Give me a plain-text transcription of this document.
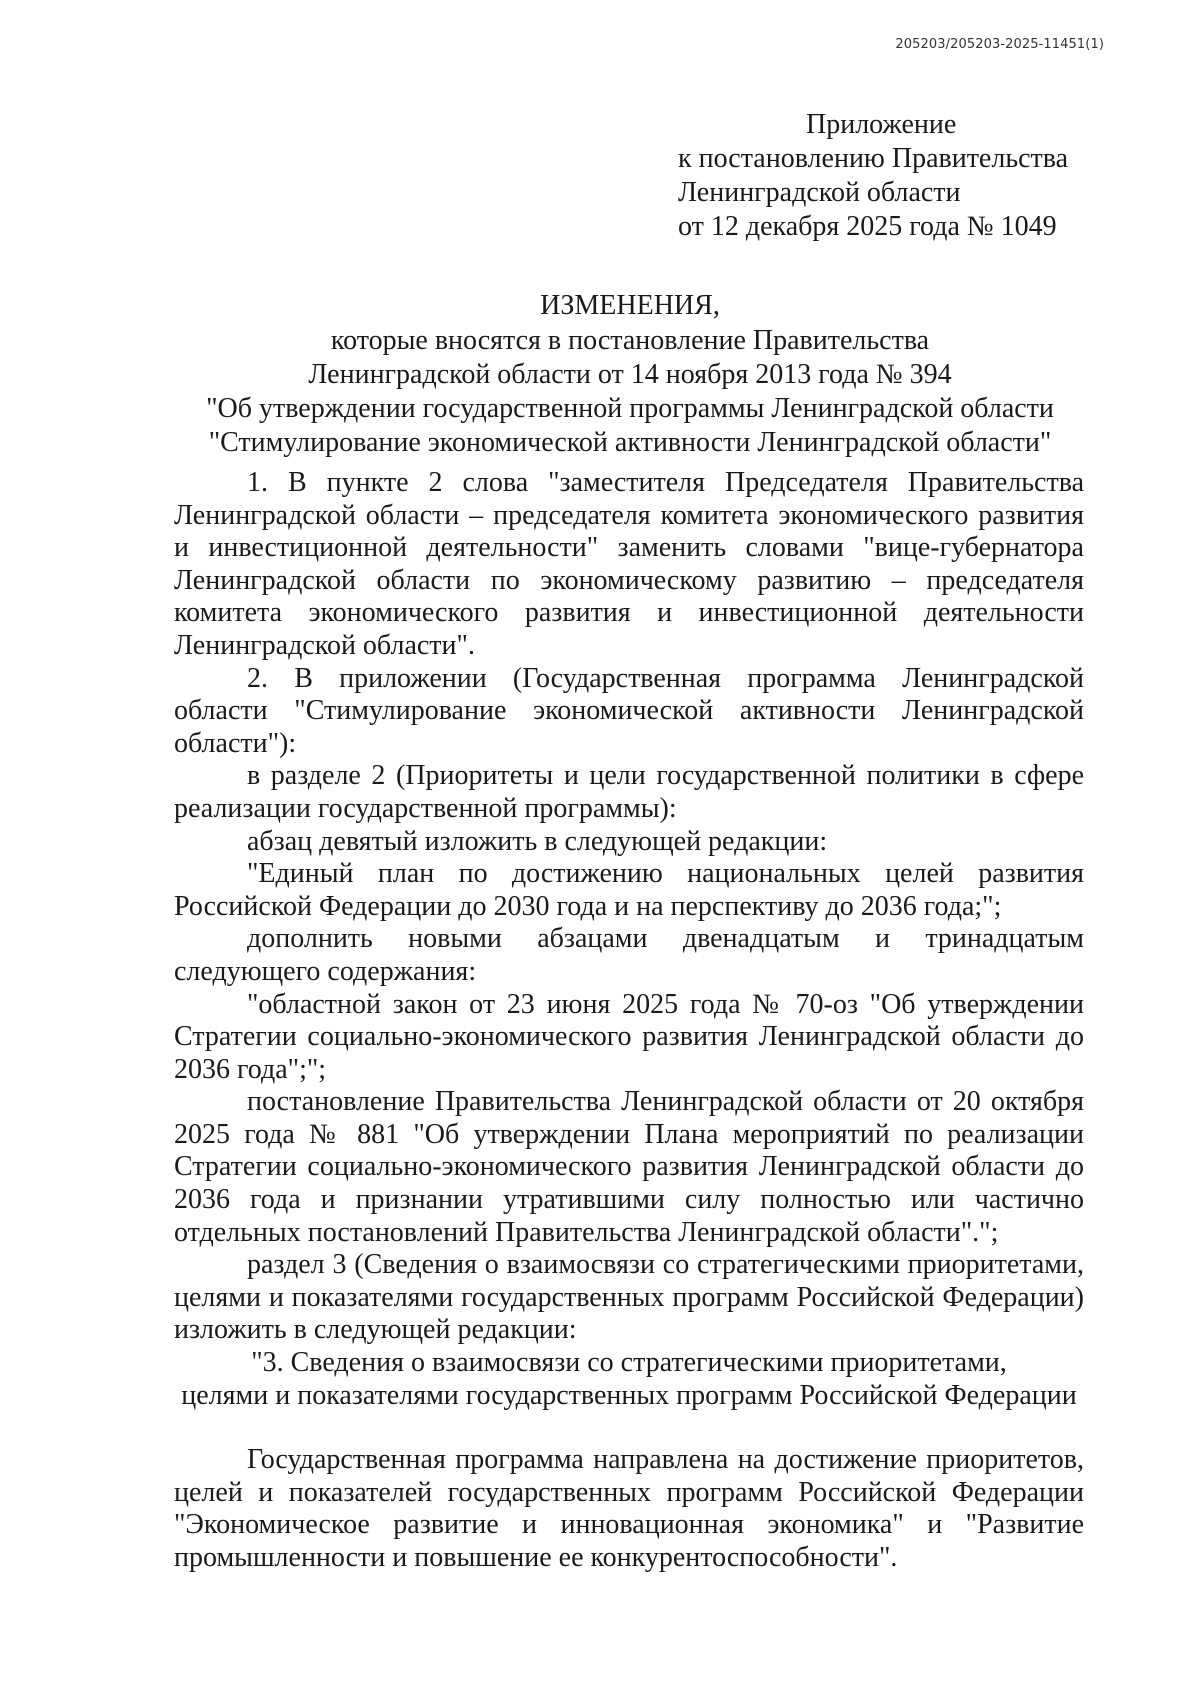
205203/205203-2025-11451(1)
Приложение
к постановлению Правительства
Ленинградской области
от 12 декабря 2025 года № 1049
ИЗМЕНЕНИЯ,
которые вносятся в постановление Правительства
Ленинградской области от 14 ноября 2013 года № 394
"Об утверждении государственной программы Ленинградской области
"Стимулирование экономической активности Ленинградской области"

1. В пункте 2 слова "заместителя Председателя Правительства Ленинградской области – председателя комитета экономического развития и инвестиционной деятельности" заменить словами "вице-губернатора Ленинградской области по экономическому развитию – председателя комитета экономического развития и инвестиционной деятельности Ленинградской области".

2. В приложении (Государственная программа Ленинградской области "Стимулирование экономической активности Ленинградской области"):

в разделе 2 (Приоритеты и цели государственной политики в сфере реализации государственной программы):

абзац девятый изложить в следующей редакции:

"Единый план по достижению национальных целей развития Российской Федерации до 2030 года и на перспективу до 2036 года;";

дополнить новыми абзацами двенадцатым и тринадцатым следующего содержания:

"областной закон от 23 июня 2025 года № 70-оз "Об утверждении Стратегии социально-экономического развития Ленинградской области до 2036 года";";

постановление Правительства Ленинградской области от 20 октября 2025 года № 881 "Об утверждении Плана мероприятий по реализации Стратегии социально-экономического развития Ленинградской области до 2036 года и признании утратившими силу полностью или частично отдельных постановлений Правительства Ленинградской области".";

раздел 3 (Сведения о взаимосвязи со стратегическими приоритетами, целями и показателями государственных программ Российской Федерации) изложить в следующей редакции:

"3. Сведения о взаимосвязи со стратегическими приоритетами,

целями и показателями государственных программ Российской Федерации

Государственная программа направлена на достижение приоритетов, целей и показателей государственных программ Российской Федерации "Экономическое развитие и инновационная экономика" и "Развитие промышленности и повышение ее конкурентоспособности".
